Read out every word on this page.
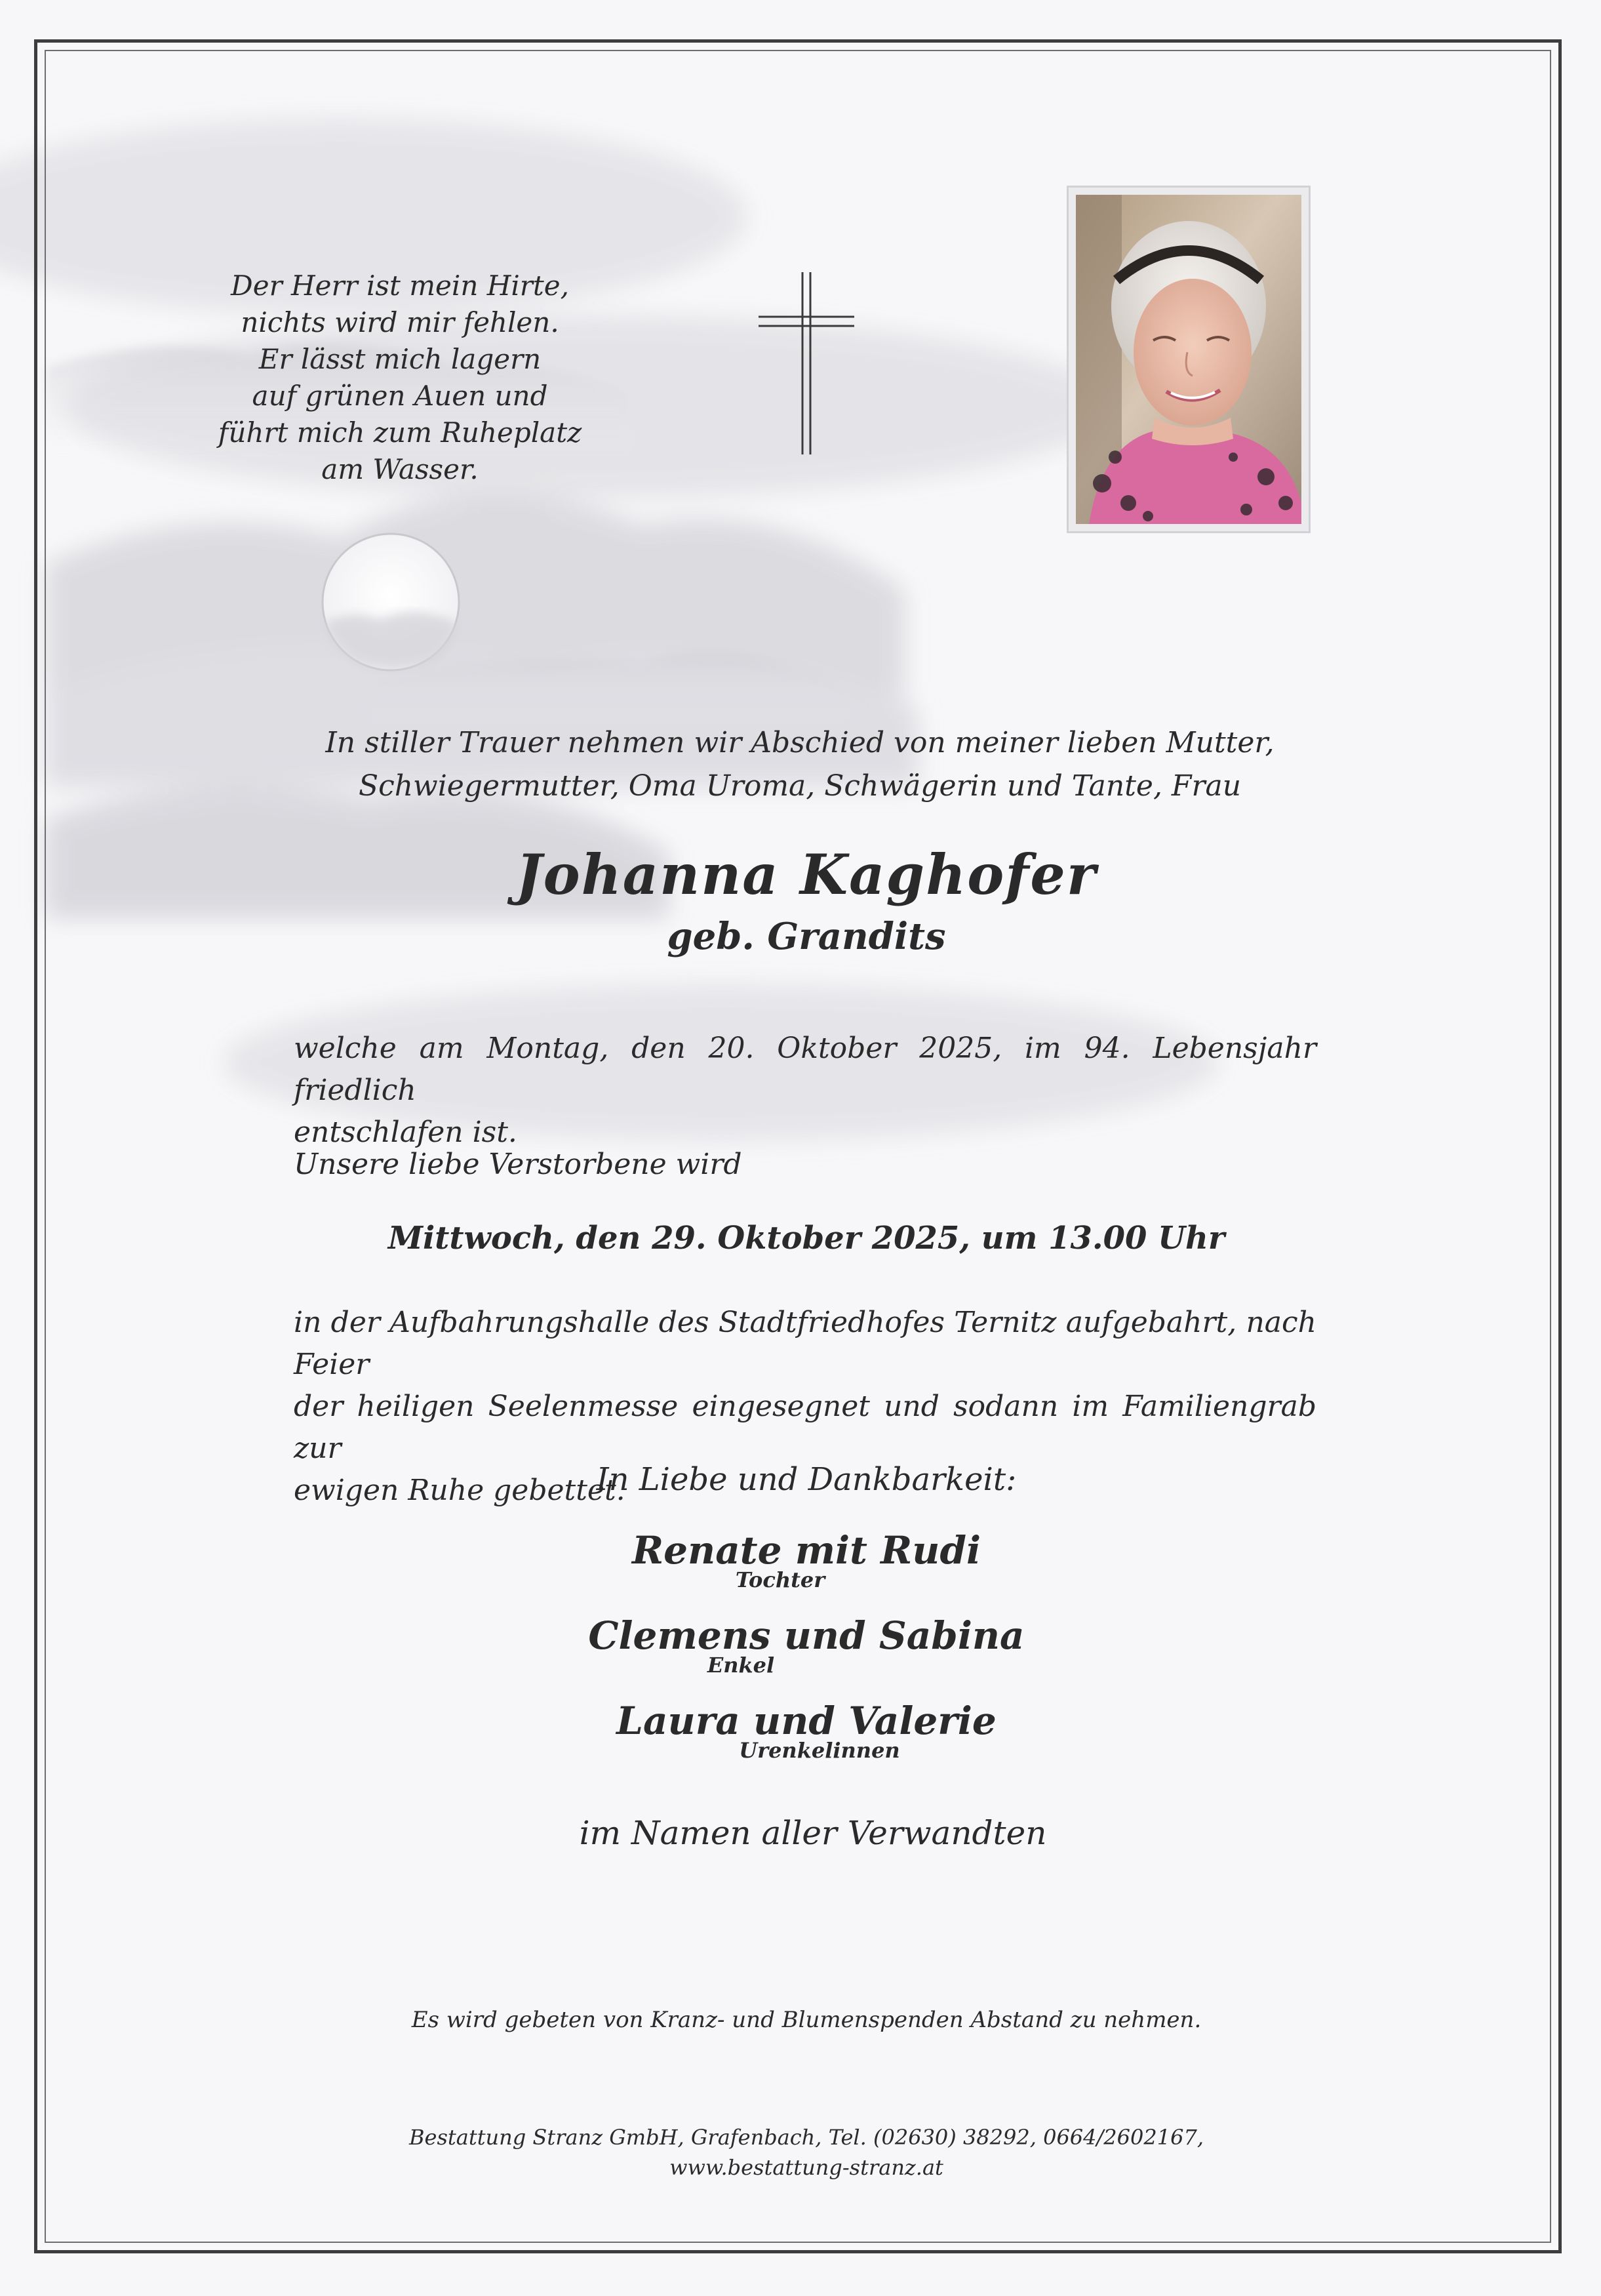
Der Herr ist mein Hirte,
nichts wird mir fehlen.
Er lässt mich lagern
auf grünen Auen und
führt mich zum Ruheplatz
am Wasser.
In stiller Trauer nehmen wir Abschied von meiner lieben Mutter,
Schwiegermutter, Oma Uroma, Schwägerin und Tante, Frau
Johanna Kaghofer
geb. Grandits
welche am Montag, den 20. Oktober 2025, im 94. Lebensjahr friedlich
entschlafen ist.
Unsere liebe Verstorbene wird
Mittwoch, den 29. Oktober 2025, um 13.00 Uhr
in der Aufbahrungshalle des Stadtfriedhofes Ternitz aufgebahrt, nach Feier
der heiligen Seelenmesse eingesegnet und sodann im Familiengrab zur
ewigen Ruhe gebettet.
In Liebe und Dankbarkeit:
Renate mit Rudi
Tochter
Clemens und Sabina
Enkel
Laura und Valerie
Urenkelinnen
im Namen aller Verwandten
Es wird gebeten von Kranz- und Blumenspenden Abstand zu nehmen.
Bestattung Stranz GmbH, Grafenbach, Tel. (02630) 38292, 0664/2602167,
www.bestattung-stranz.at
